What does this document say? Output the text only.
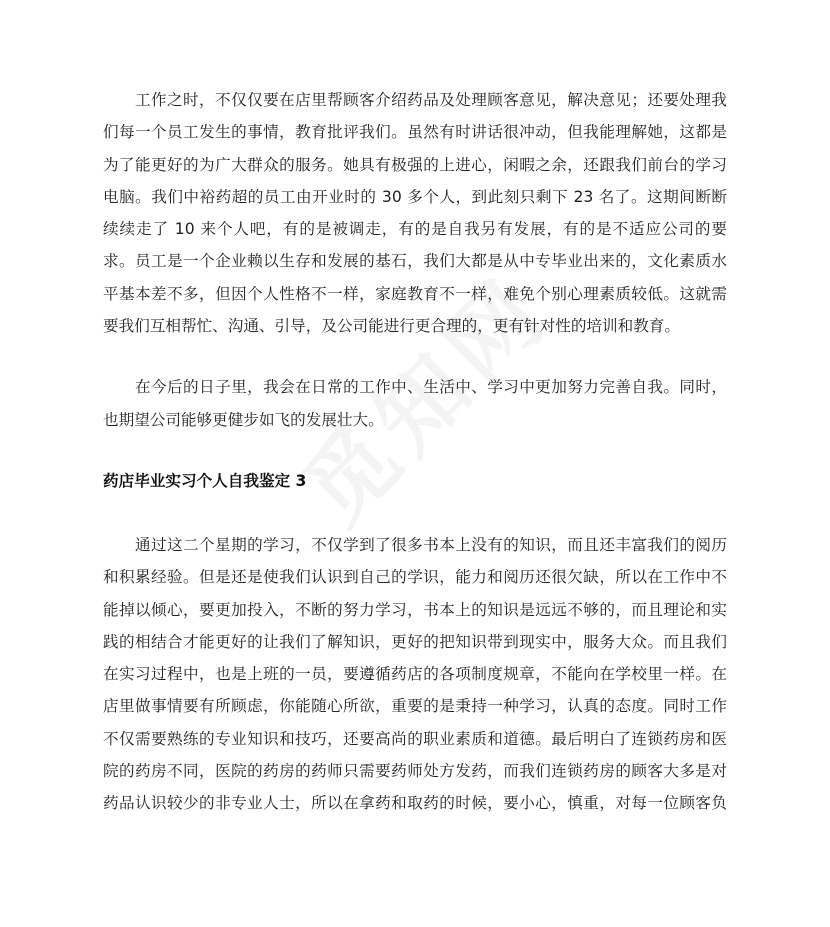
工作之时，不仅仅要在店里帮顾客介绍药品及处理顾客意见，解决意见；还要处理我
们每一个员工发生的事情，教育批评我们。虽然有时讲话很冲动，但我能理解她，这都是
为了能更好的为广大群众的服务。她具有极强的上进心，闲暇之余，还跟我们前台的学习
电脑。我们中裕药超的员工由开业时的 30 多个人，到此刻只剩下 23 名了。这期间断断
续续走了 10 来个人吧，有的是被调走，有的是自我另有发展，有的是不适应公司的要
求。员工是一个企业赖以生存和发展的基石，我们大都是从中专毕业出来的，文化素质水
平基本差不多，但因个人性格不一样，家庭教育不一样，难免个别心理素质较低。这就需
要我们互相帮忙、沟通、引导，及公司能进行更合理的，更有针对性的培训和教育。
在今后的日子里，我会在日常的工作中、生活中、学习中更加努力完善自我。同时，
也期望公司能够更健步如飞的发展壮大。
药店毕业实习个人自我鉴定 3
通过这二个星期的学习，不仅学到了很多书本上没有的知识，而且还丰富我们的阅历
和积累经验。但是还是使我们认识到自己的学识，能力和阅历还很欠缺，所以在工作中不
能掉以倾心，要更加投入，不断的努力学习，书本上的知识是远远不够的，而且理论和实
践的相结合才能更好的让我们了解知识，更好的把知识带到现实中，服务大众。而且我们
在实习过程中，也是上班的一员，要遵循药店的各项制度规章，不能向在学校里一样。在
店里做事情要有所顾虑，你能随心所欲，重要的是秉持一种学习，认真的态度。同时工作
不仅需要熟练的专业知识和技巧，还要高尚的职业素质和道德。最后明白了连锁药房和医
院的药房不同，医院的药房的药师只需要药师处方发药，而我们连锁药房的顾客大多是对
药品认识较少的非专业人士，所以在拿药和取药的时候，要小心，慎重，对每一位顾客负
